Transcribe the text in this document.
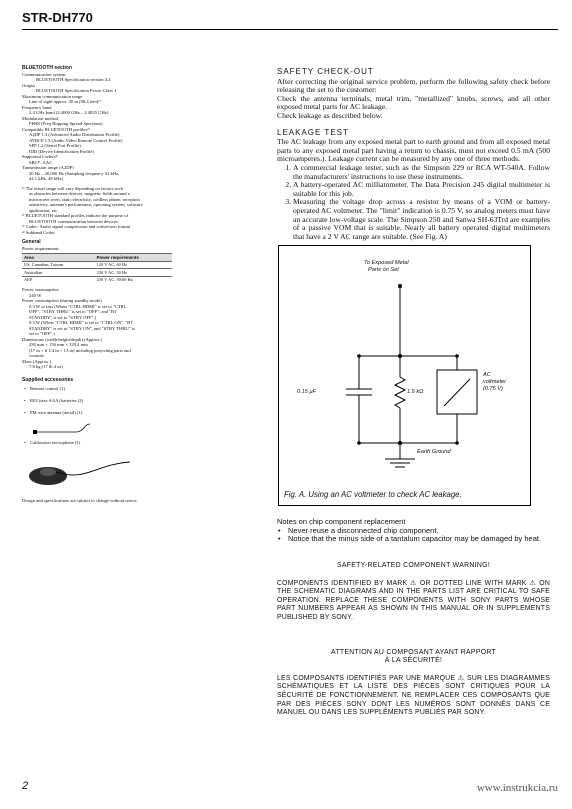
STR-DH770
BLUETOOTH section
Communication system
BLUETOOTH Specification version 4.2
Output
BLUETOOTH Specification Power Class 1
Maximum communication range
Line of sight approx. 30 m (98.4 feet)¹⁾
Frequency band
2.4 GHz band (2.4000 GHz – 2.4835 GHz)
Modulation method
FHSS (Freq Hopping Spread Spectrum)
Compatible BLUETOOTH profiles²⁾
A2DP 1.3 (Advanced Audio Distribution Profile)
AVRCP 1.5 (Audio Video Remote Control Profile)
SPP 1.2 (Serial Port Profile)
DID (Device Identification Profile)
Supported Codecs³⁾
SBC⁴⁾, AAC
Transmission range (A2DP)
20 Hz – 20,000 Hz (Sampling frequency 32 kHz,
44.1 kHz, 48 kHz)
¹⁾ The actual range will vary depending on factors such
as obstacles between devices, magnetic fields around a
microwave oven, static electricity, cordless phone, reception
sensitivity, antenna's performance, operating system, software
application, etc.
²⁾ BLUETOOTH standard profiles indicate the purpose of
BLUETOOTH communication between devices.
³⁾ Codec: Audio signal compression and conversion format
⁴⁾ Subband Codec
General
Power requirements
Area	Power requirements
US, Canadian, Taiwan	120 V AC, 60 Hz
Australian	230 V AC, 50 Hz
AEP	230 V AC, 50/60 Hz
Power consumption
240 W
Power consumption (during standby mode)
0.3 W or less (When "CTRL HDMI" is set to "CTRL
OFF", "STBY THRU" is set to "OFF", and "BT
STANDBY" is set to "STBY OFF".)
0.5 W (When "CTRL HDMI" is set to "CTRL ON", "BT
STANDBY" is set to "STBY ON", and "STBY THRU" is
set to "OFF".)
Dimensions (width/height/depth) (Approx.)
430 mm × 156 mm × 329.4 mm
(17 in × 6 1/4 in × 13 in) including projecting parts and
controls
Mass (Approx.)
7.8 kg (17 lb 4 oz)
Supplied accessories
• Remote control (1)
• R03 (size AAA) batteries (2)
• FM wire antenna (aerial) (1)
• Calibration microphone (1)
Design and specifications are subject to change without notice.
SAFETY CHECK-OUT

After correcting the original service problem, perform the following safety check before releasing the set to the customer:

Check the antenna terminals, metal trim, "metallized" knobs, screws, and all other exposed metal parts for AC leakage.

Check leakage as described below.

LEAKAGE TEST

The AC leakage from any exposed metal part to earth ground and from all exposed metal parts to any exposed metal part having a return to chassis, must not exceed 0.5 mA (500 microamperes.). Leakage current can be measured by any one of three methods.

1. A commercial leakage tester, such as the Simpson 229 or RCA WT-540A. Follow the manufacturers' instructions to use these instruments.
2. A battery-operated AC milliammeter. The Data Precision 245 digital multimeter is suitable for this job.
3. Measuring the voltage drop across a resistor by means of a VOM or battery-operated AC voltmeter. The "limit" indication is 0.75 V, so analog meters must have an accurate low-voltage scale. The Simpson 250 and Sanwa SH-63Trd are examples of a passive VOM that is suitable. Nearly all battery operated digital multimeters that have a 2 V AC range are suitable. (See Fig. A)
To Exposed Metal
Parts on Set
0.15 μF	1.5 kΩ
AC
voltmeter
(0.75 V)
Earth Ground
Fig. A. Using an AC voltmeter to check AC leakage.
Notes on chip component replacement
• Never reuse a disconnected chip component.
• Notice that the minus side of a tantalum capacitor may be damaged by heat.
SAFETY-RELATED COMPONENT WARNING!
COMPONENTS IDENTIFIED BY MARK ⚠ OR DOTTED LINE WITH MARK ⚠ ON THE SCHEMATIC DIAGRAMS AND IN THE PARTS LIST ARE CRITICAL TO SAFE OPERATION. REPLACE THESE COMPONENTS WITH SONY PARTS WHOSE PART NUMBERS APPEAR AS SHOWN IN THIS MANUAL OR IN SUPPLEMENTS PUBLISHED BY SONY.
ATTENTION AU COMPOSANT AYANT RAPPORT
À LA SÉCURITÉ!
LES COMPOSANTS IDENTIFIÉS PAR UNE MARQUE ⚠ SUR LES DIAGRAMMES SCHÉMATIQUES ET LA LISTE DES PIÈCES SONT CRITIQUES POUR LA SÉCURITÉ DE FONCTIONNEMENT. NE REMPLACER CES COMPOSANTS QUE PAR DES PIÈCES SONY DONT LES NUMÉROS SONT DONNÉS DANS CE MANUEL OU DANS LES SUPPLÉMENTS PUBLIÉS PAR SONY.
2	www.instrukcia.ru
